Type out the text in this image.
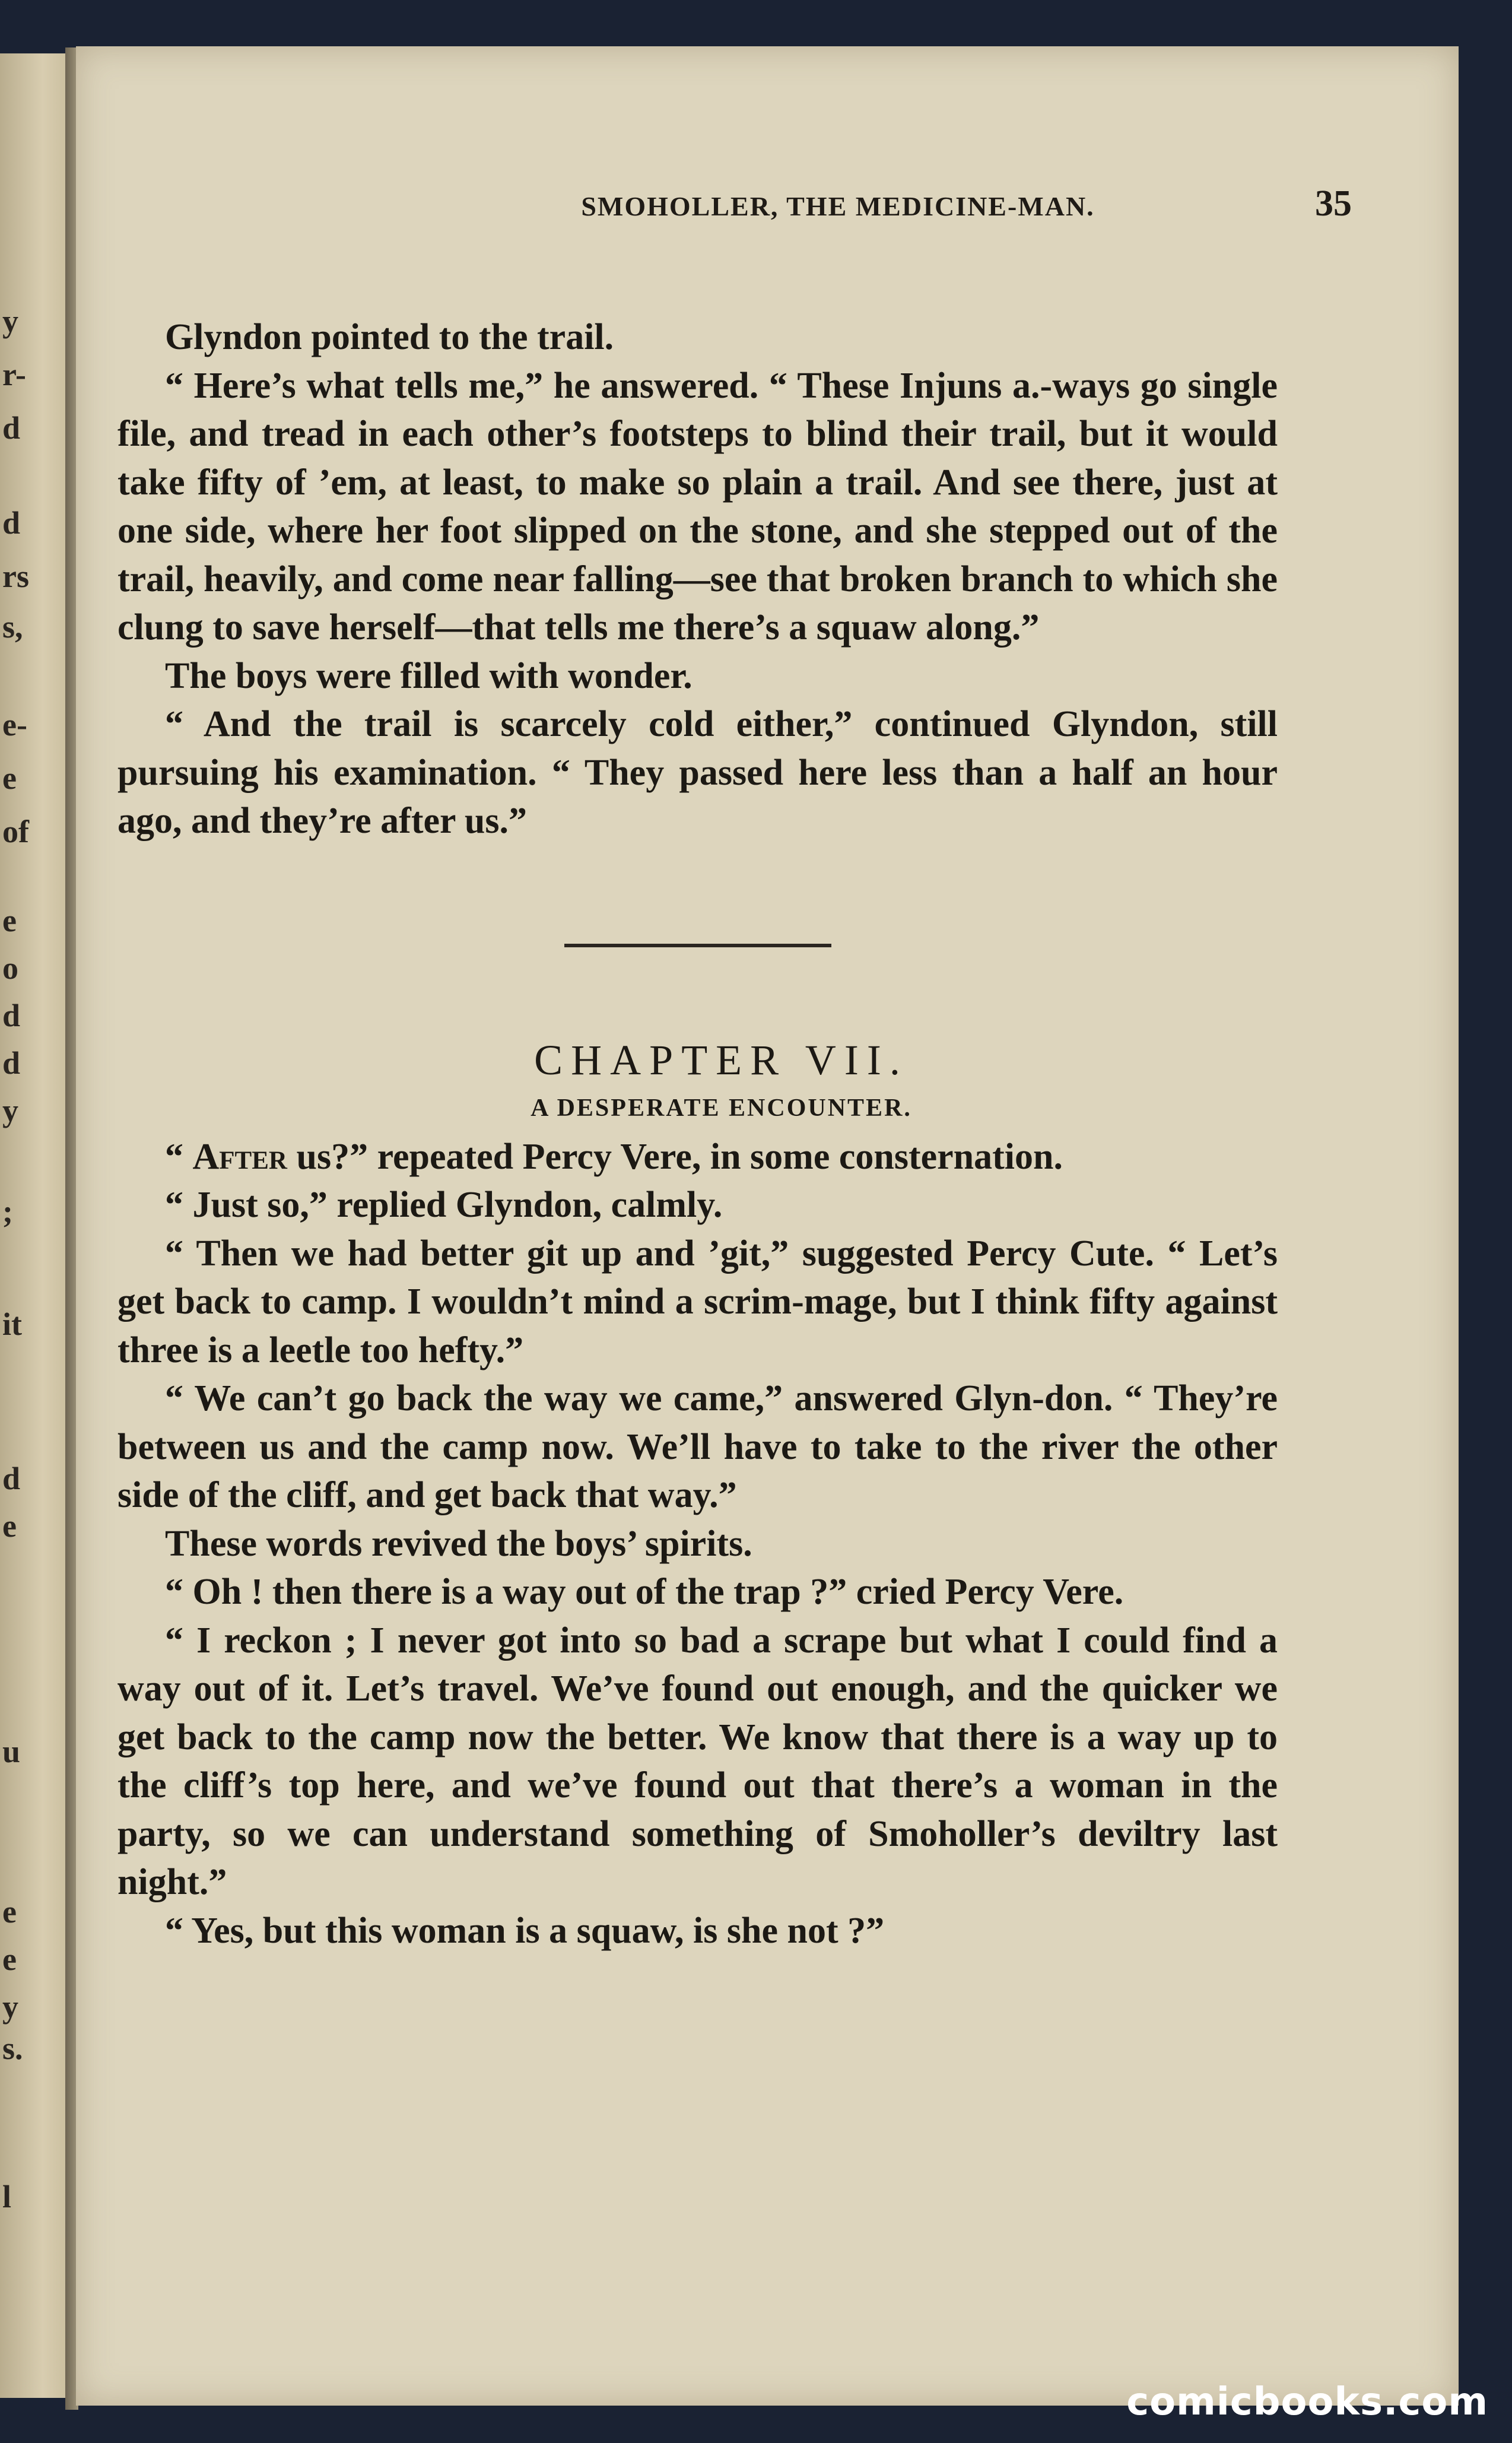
y
r-
d
d
rs
s,
e-
e
of
e
o
d
d
y
;
it
d
e
u
e
e
y
s.
l
SMOHOLLER, THE MEDICINE-MAN.	35

Glyndon pointed to the trail.

“ Here’s what tells me,” he answered. “ These Injuns a.-ways go single file, and tread in each other’s footsteps to blind their trail, but it would take fifty of ’em, at least, to make so plain a trail. And see there, just at one side, where her foot slipped on the stone, and she stepped out of the trail, heavily, and come near falling—see that broken branch to which she clung to save herself—that tells me there’s a squaw along.”

The boys were filled with wonder.

“ And the trail is scarcely cold either,” continued Glyndon, still pursuing his examination. “ They passed here less than a half an hour ago, and they’re after us.”

CHAPTER VII.

A DESPERATE ENCOUNTER.

“ After us?” repeated Percy Vere, in some consternation.

“ Just so,” replied Glyndon, calmly.

“ Then we had better git up and ’git,” suggested Percy Cute. “ Let’s get back to camp. I wouldn’t mind a scrim-mage, but I think fifty against three is a leetle too hefty.”

“ We can’t go back the way we came,” answered Glyn-don. “ They’re between us and the camp now. We’ll have to take to the river the other side of the cliff, and get back that way.”

These words revived the boys’ spirits.

“ Oh ! then there is a way out of the trap ?” cried Percy Vere.

“ I reckon ; I never got into so bad a scrape but what I could find a way out of it. Let’s travel. We’ve found out enough, and the quicker we get back to the camp now the better. We know that there is a way up to the cliff’s top here, and we’ve found out that there’s a woman in the party, so we can understand something of Smoholler’s deviltry last night.”

“ Yes, but this woman is a squaw, is she not ?”

comicbooks.com
